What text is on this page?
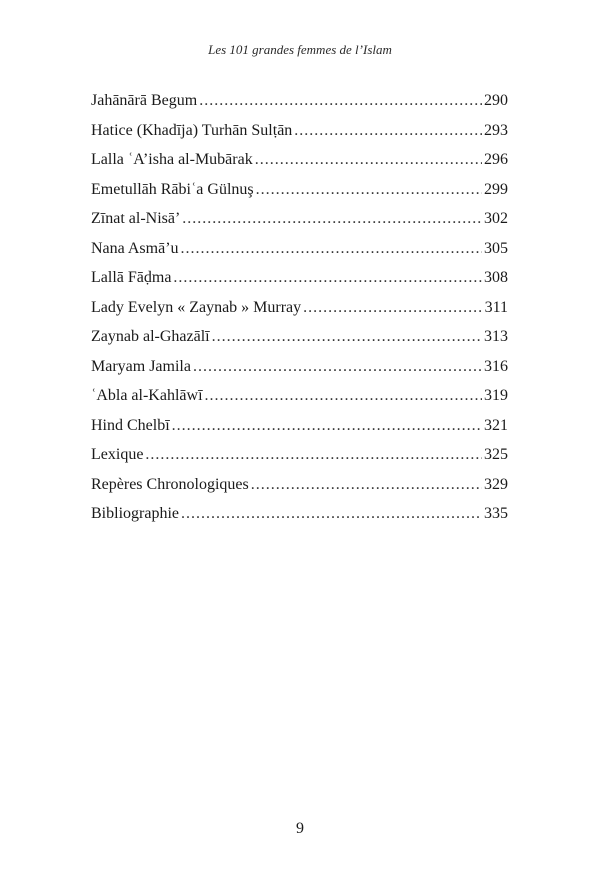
Les 101 grandes femmes de l’Islam
Jahānārā Begum .....	290
Hatice (Khadīja) Turhān Sulṭān .....	293
Lalla ʿA’isha al-Mubārak .....	296
Emetullāh Rābiʿa Gülnuş .....	299
Zīnat al-Nisā’ .....	302
Nana Asmā’u .....	305
Lallā Fāḍma .....	308
Lady Evelyn « Zaynab » Murray .....	311
Zaynab al-Ghazālī .....	313
Maryam Jamila .....	316
ʿAbla al-Kahlāwī .....	319
Hind Chelbī .....	321
Lexique .....	325
Repères Chronologiques .....	329
Bibliographie .....	335
9
